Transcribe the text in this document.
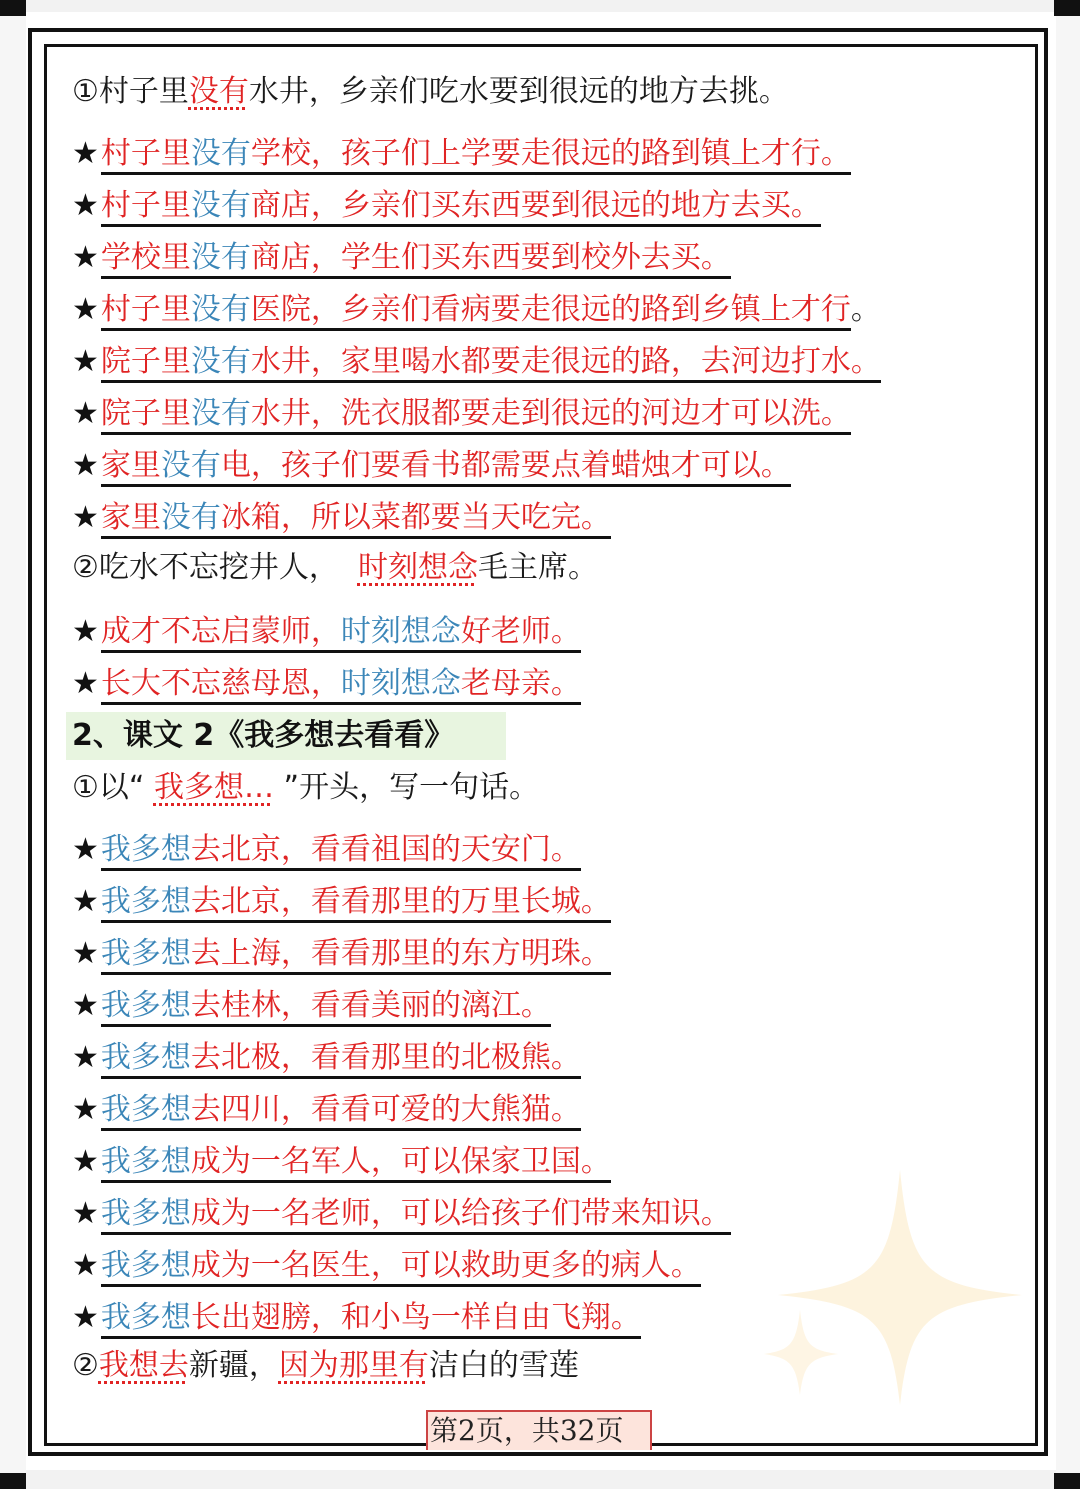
①村子里没有水井，乡亲们吃水要到很远的地方去挑。
★村子里没有学校，孩子们上学要走很远的路到镇上才行。
★村子里没有商店，乡亲们买东西要到很远的地方去买。
★学校里没有商店，学生们买东西要到校外去买。
★村子里没有医院，乡亲们看病要走很远的路到乡镇上才行。
★院子里没有水井，家里喝水都要走很远的路，去河边打水。
★院子里没有水井，洗衣服都要走到很远的河边才可以洗。
★家里没有电，孩子们要看书都需要点着蜡烛才可以。
★家里没有冰箱，所以菜都要当天吃完。
②吃水不忘挖井人， 时刻想念毛主席。
★成才不忘启蒙师，时刻想念好老师。
★长大不忘慈母恩，时刻想念老母亲。
2、课文 2《我多想去看看》
①以“ 我多想… ”开头，写一句话。
★我多想去北京，看看祖国的天安门。
★我多想去北京，看看那里的万里长城。
★我多想去上海，看看那里的东方明珠。
★我多想去桂林，看看美丽的漓江。
★我多想去北极，看看那里的北极熊。
★我多想去四川，看看可爱的大熊猫。
★我多想成为一名军人，可以保家卫国。
★我多想成为一名老师，可以给孩子们带来知识。
★我多想成为一名医生，可以救助更多的病人。
★我多想长出翅膀，和小鸟一样自由飞翔。
②我想去新疆，因为那里有洁白的雪莲
第2页，共32页
